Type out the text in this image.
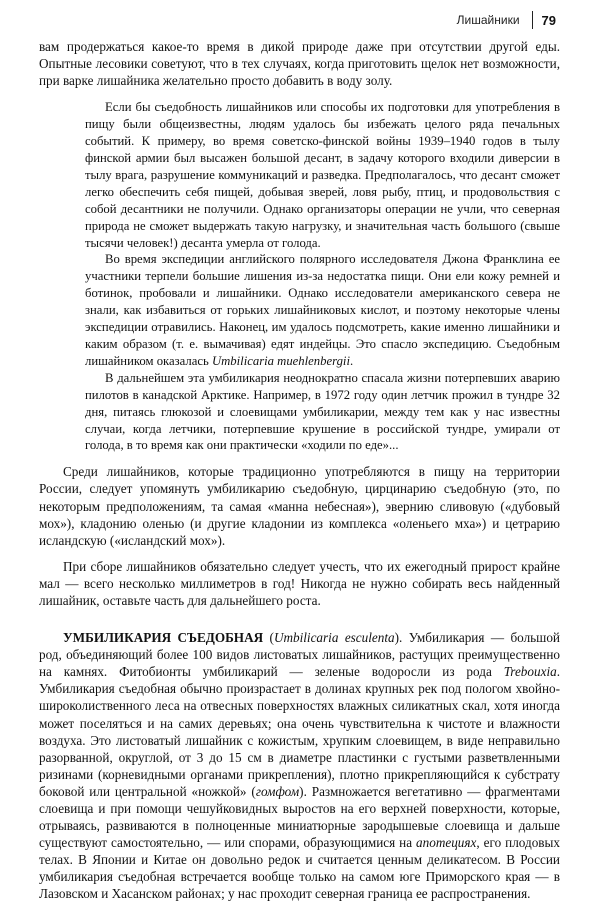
Лишайники 79

вам продержаться какое-то время в дикой природе даже при отсутствии другой еды. Опытные лесовики советуют, что в тех случаях, когда приготовить щелок нет возможности, при варке лишайника желательно просто добавить в воду золу.

Если бы съедобность лишайников или способы их подготовки для употребления в пищу были общеизвестны, людям удалось бы избежать целого ряда печальных событий. К примеру, во время советско-финской войны 1939–1940 годов в тылу финской армии был высажен большой десант, в задачу которого входили диверсии в тылу врага, разрушение коммуникаций и разведка. Предполагалось, что десант сможет легко обеспечить себя пищей, добывая зверей, ловя рыбу, птиц, и продовольствия с собой десантники не получили. Однако организаторы операции не учли, что северная природа не сможет выдержать такую нагрузку, и значительная часть большого (свыше тысячи человек!) десанта умерла от голода.

Во время экспедиции английского полярного исследователя Джона Франклина ее участники терпели большие лишения из-за недостатка пищи. Они ели кожу ремней и ботинок, пробовали и лишайники. Однако исследователи американского севера не знали, как избавиться от горьких лишайниковых кислот, и поэтому некоторые члены экспедиции отравились. Наконец, им удалось подсмотреть, какие именно лишайники и каким образом (т. е. вымачивая) едят индейцы. Это спасло экспедицию. Съедобным лишайником оказалась Umbilicaria muehlenbergii.

В дальнейшем эта умбиликария неоднократно спасала жизни потерпевших аварию пилотов в канадской Арктике. Например, в 1972 году один летчик прожил в тундре 32 дня, питаясь глюкозой и слоевищами умбиликарии, между тем как у нас известны случаи, когда летчики, потерпевшие крушение в российской тундре, умирали от голода, в то время как они практически «ходили по еде»...

Среди лишайников, которые традиционно употребляются в пищу на территории России, следует упомянуть умбиликарию съедобную, цирцинарию съедобную (это, по некоторым предположениям, та самая «манна небесная»), эвернию сливовую («дубовый мох»), кладонию оленью (и другие кладонии из комплекса «оленьего мха») и цетрарию исландскую («исландский мох»).

При сборе лишайников обязательно следует учесть, что их ежегодный прирост крайне мал — всего несколько миллиметров в год! Никогда не нужно собирать весь найденный лишайник, оставьте часть для дальнейшего роста.

УМБИЛИКАРИЯ СЪЕДОБНАЯ (Umbilicaria esculenta). Умбиликария — большой род, объединяющий более 100 видов листоватых лишайников, растущих преимущественно на камнях. Фитобионты умбиликарий — зеленые водоросли из рода Trebouxia. Умбиликария съедобная обычно произрастает в долинах крупных рек под пологом хвойно-широколиственного леса на отвесных поверхностях влажных силикатных скал, хотя иногда может поселяться и на самих деревьях; она очень чувствительна к чистоте и влажности воздуха. Это листоватый лишайник с кожистым, хрупким слоевищем, в виде неправильно разорванной, округлой, от 3 до 15 см в диаметре пластинки с густыми разветвленными ризинами (корневидными органами прикрепления), плотно прикрепляющийся к субстрату боковой или центральной «ножкой» (гомфом). Размножается вегетативно — фрагментами слоевища и при помощи чешуйковидных выростов на его верхней поверхности, которые, отрываясь, развиваются в полноценные миниатюрные зародышевые слоевища и дальше существуют самостоятельно, — или спорами, образующимися на апотециях, его плодовых телах. В Японии и Китае он довольно редок и считается ценным деликатесом. В России умбиликария съедобная встречается вообще только на самом юге Приморского края — в Лазовском и Хасанском районах; у нас проходит северная граница ее распространения.
